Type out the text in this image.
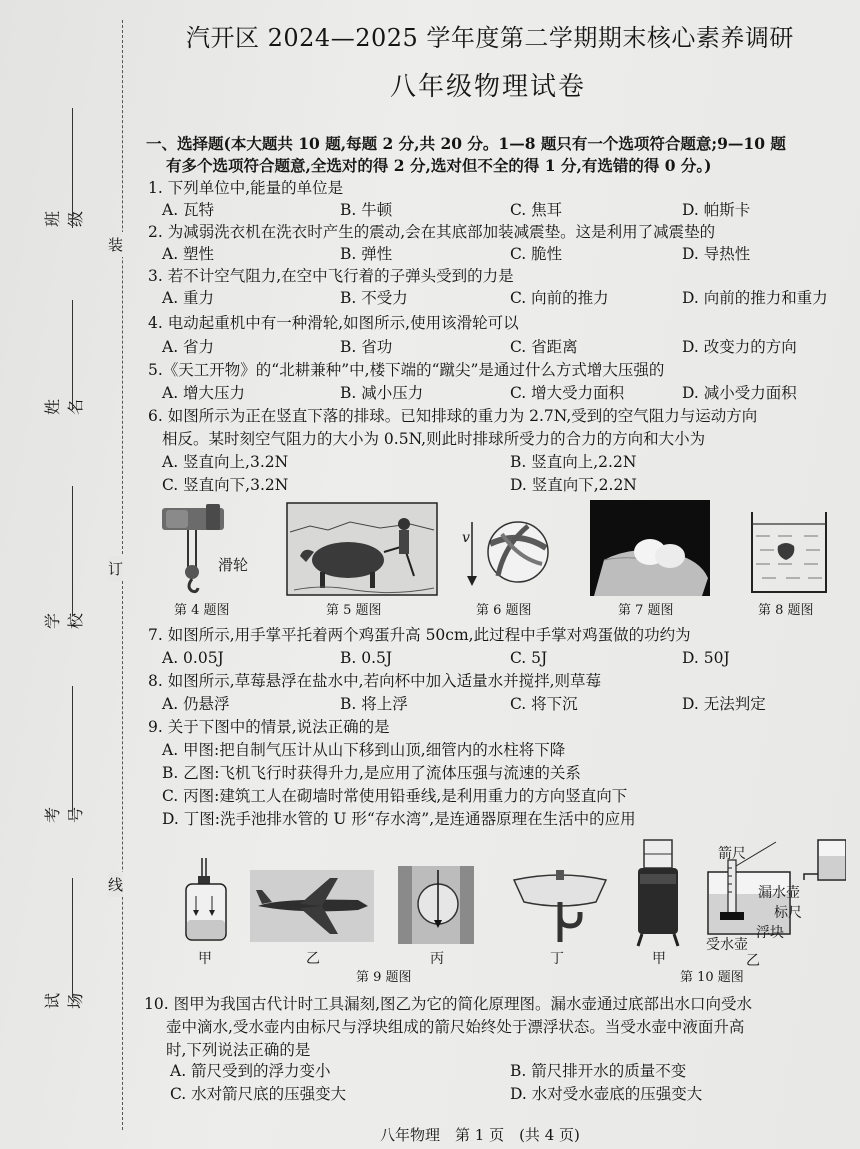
装
订
线
班级
姓名
学校
考号
试场
汽开区 2024—2025 学年度第二学期期末核心素养调研
八年级物理试卷
一、选择题(本大题共 10 题,每题 2 分,共 20 分。1—8 题只有一个选项符合题意;9—10 题
有多个选项符合题意,全选对的得 2 分,选对但不全的得 1 分,有选错的得 0 分。)
1. 下列单位中,能量的单位是
A. 瓦特	B. 牛顿	C. 焦耳	D. 帕斯卡
2. 为减弱洗衣机在洗衣时产生的震动,会在其底部加装减震垫。这是利用了减震垫的
A. 塑性	B. 弹性	C. 脆性	D. 导热性
3. 若不计空气阻力,在空中飞行着的子弹头受到的力是
A. 重力	B. 不受力	C. 向前的推力	D. 向前的推力和重力
4. 电动起重机中有一种滑轮,如图所示,使用该滑轮可以
A. 省力	B. 省功	C. 省距离	D. 改变力的方向
5.《天工开物》的“北耕兼种”中,楼下端的“蹴尖”是通过什么方式增大压强的
A. 增大压力	B. 减小压力	C. 增大受力面积	D. 减小受力面积
6. 如图所示为正在竖直下落的排球。已知排球的重力为 2.7N,受到的空气阻力与运动方向
相反。某时刻空气阻力的大小为 0.5N,则此时排球所受力的合力的方向和大小为
A. 竖直向上,3.2N	B. 竖直向上,2.2N
C. 竖直向下,3.2N	D. 竖直向下,2.2N
滑轮
第 4 题图	第 5 题图
v
第 6 题图	第 7 题图	第 8 题图
7. 如图所示,用手掌平托着两个鸡蛋升高 50cm,此过程中手掌对鸡蛋做的功约为
A. 0.05J	B. 0.5J	C. 5J	D. 50J
8. 如图所示,草莓悬浮在盐水中,若向杯中加入适量水并搅拌,则草莓
A. 仍悬浮	B. 将上浮	C. 将下沉	D. 无法判定
9. 关于下图中的情景,说法正确的是
A. 甲图:把自制气压计从山下移到山顶,细管内的水柱将下降
B. 乙图:飞机飞行时获得升力,是应用了流体压强与流速的关系
C. 丙图:建筑工人在砌墙时常使用铅垂线,是利用重力的方向竖直向下
D. 丁图:洗手池排水管的 U 形“存水湾”,是连通器原理在生活中的应用
甲	乙	丙	丁
第 9 题图
甲
箭尺
漏水壶
标尺
浮块
受水壶
乙
第 10 题图
10. 图甲为我国古代计时工具漏刻,图乙为它的简化原理图。漏水壶通过底部出水口向受水
壶中滴水,受水壶内由标尺与浮块组成的箭尺始终处于漂浮状态。当受水壶中液面升高
时,下列说法正确的是
A. 箭尺受到的浮力变小	B. 箭尺排开水的质量不变
C. 水对箭尺底的压强变大	D. 水对受水壶底的压强变大
八年物理　第 1 页　(共 4 页)
